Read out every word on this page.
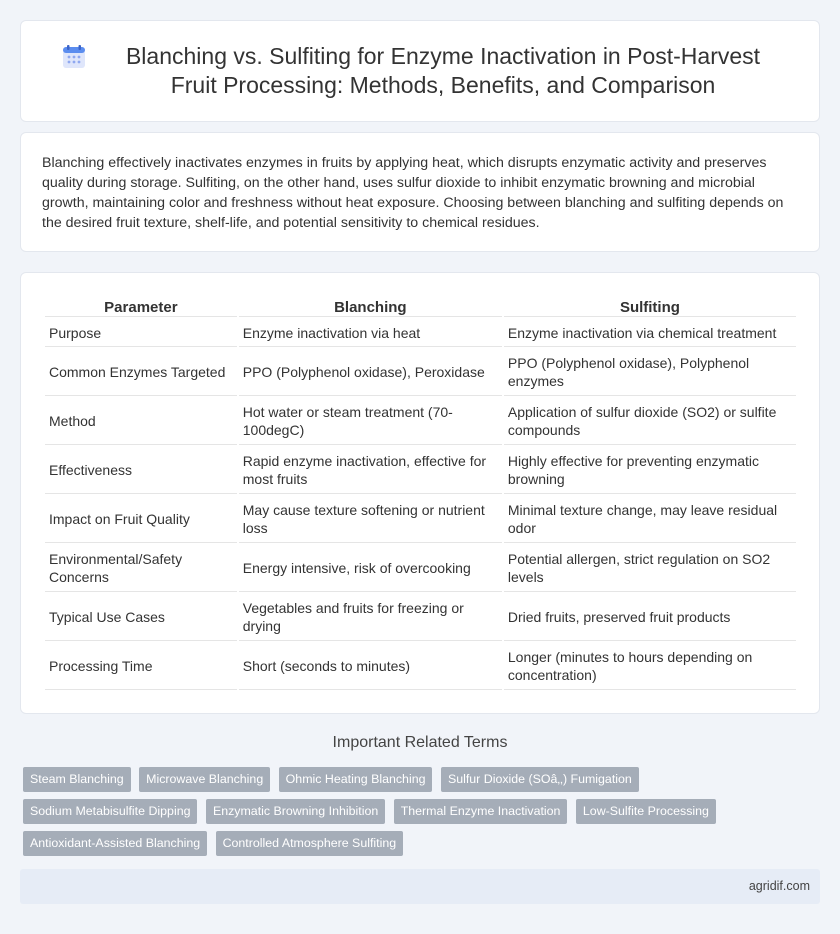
Blanching vs. Sulfiting for Enzyme Inactivation in Post-Harvest Fruit Processing: Methods, Benefits, and Comparison

Blanching effectively inactivates enzymes in fruits by applying heat, which disrupts enzymatic activity and preserves quality during storage. Sulfiting, on the other hand, uses sulfur dioxide to inhibit enzymatic browning and microbial growth, maintaining color and freshness without heat exposure. Choosing between blanching and sulfiting depends on the desired fruit texture, shelf-life, and potential sensitivity to chemical residues.

Parameter	Blanching	Sulfiting
Purpose	Enzyme inactivation via heat	Enzyme inactivation via chemical treatment
Common Enzymes Targeted	PPO (Polyphenol oxidase), Peroxidase	PPO (Polyphenol oxidase), Polyphenol enzymes
Method	Hot water or steam treatment (70-100degC)	Application of sulfur dioxide (SO2) or sulfite compounds
Effectiveness	Rapid enzyme inactivation, effective for most fruits	Highly effective for preventing enzymatic browning
Impact on Fruit Quality	May cause texture softening or nutrient loss	Minimal texture change, may leave residual odor
Environmental/Safety Concerns	Energy intensive, risk of overcooking	Potential allergen, strict regulation on SO2 levels
Typical Use Cases	Vegetables and fruits for freezing or drying	Dried fruits, preserved fruit products
Processing Time	Short (seconds to minutes)	Longer (minutes to hours depending on concentration)
Important Related Terms
Steam Blanching Microwave Blanching Ohmic Heating Blanching Sulfur Dioxide (SOâ‚‚) Fumigation Sodium Metabisulfite Dipping Enzymatic Browning Inhibition Thermal Enzyme Inactivation Low-Sulfite Processing Antioxidant-Assisted Blanching Controlled Atmosphere Sulfiting
agridif.com
